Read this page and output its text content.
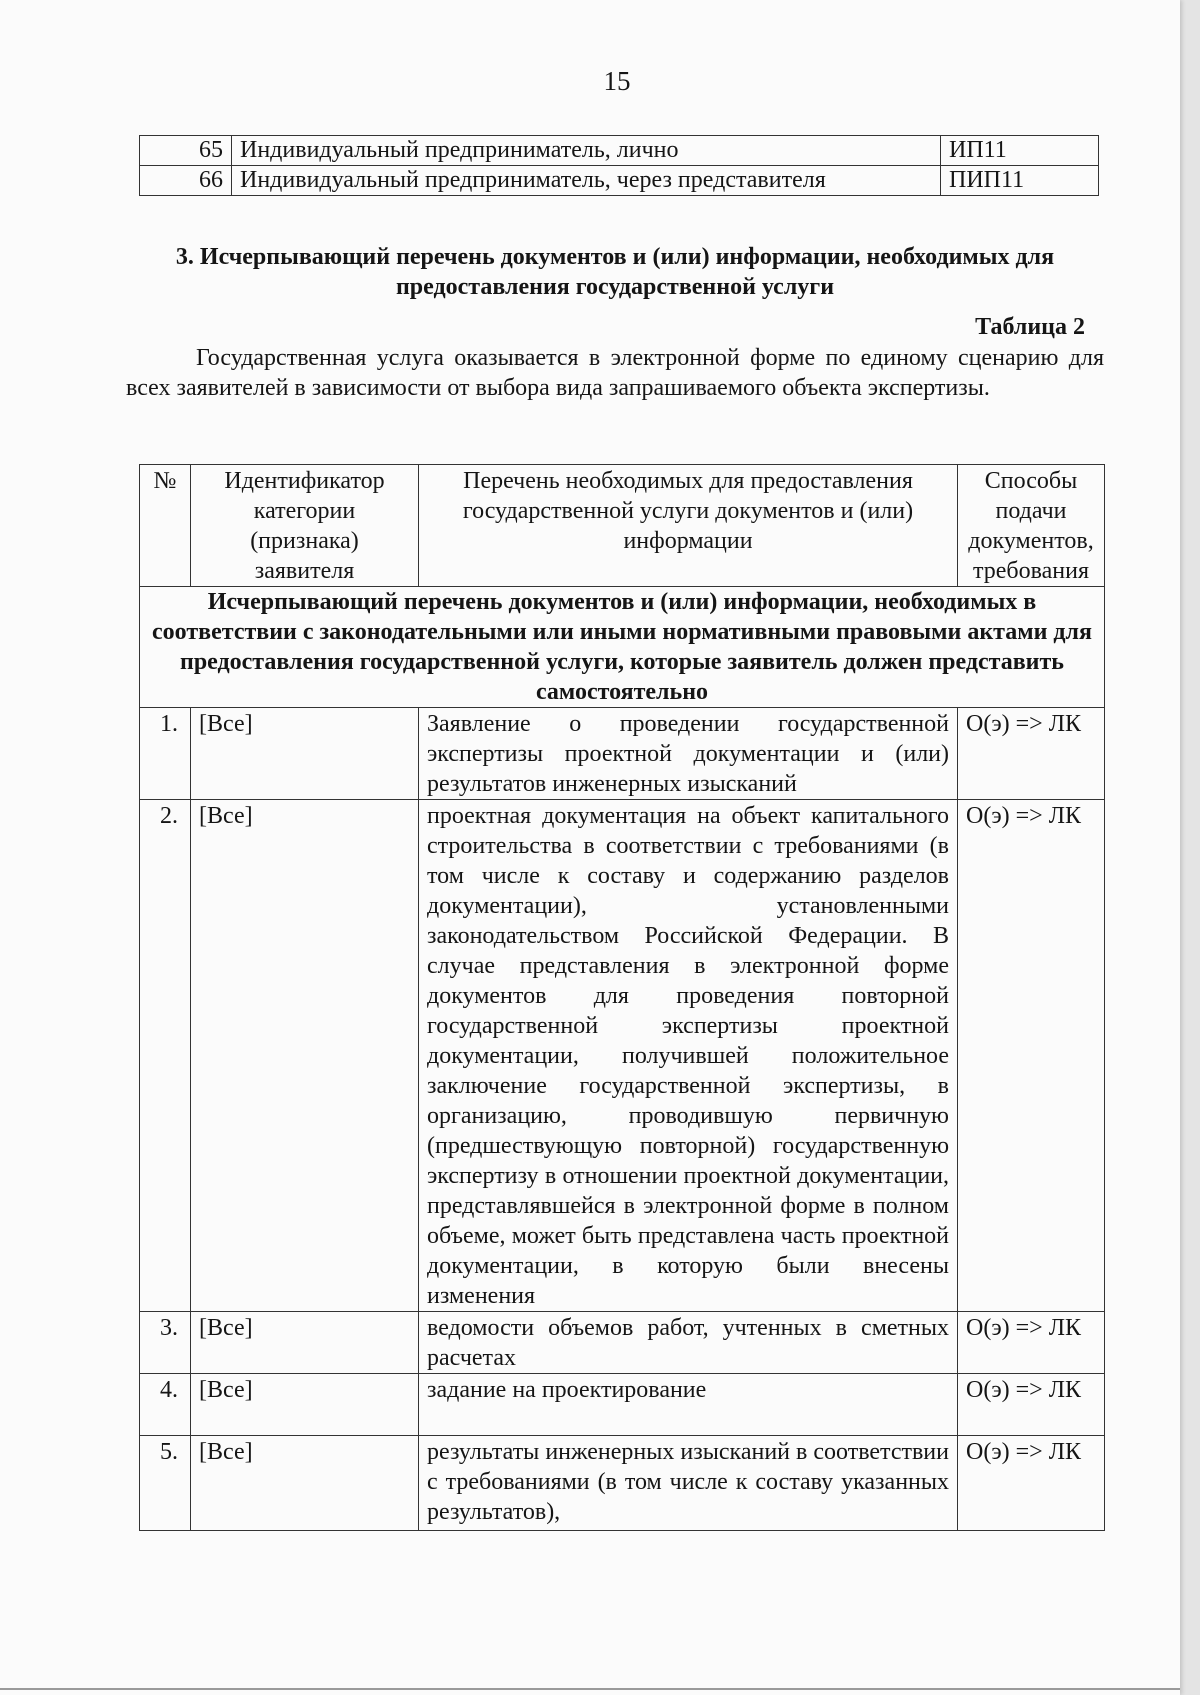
15
65	Индивидуальный предприниматель, лично	ИП11
66	Индивидуальный предприниматель, через представителя	ПИП11
3. Исчерпывающий перечень документов и (или) информации, необходимых для
предоставления государственной услуги
Таблица 2
Государственная услуга оказывается в электронной форме по единому сценарию для всех заявителей в зависимости от выбора вида запрашиваемого объекта экспертизы.
№	Идентификатор категории (признака) заявителя	Перечень необходимых для предоставления государственной услуги документов и (или) информации	Способы подачи документов, требования
Исчерпывающий перечень документов и (или) информации, необходимых в соответствии с законодательными или иными нормативными правовыми актами для предоставления государственной услуги, которые заявитель должен представить самостоятельно			
1.	[Все]	Заявление о проведении государственной экспертизы проектной документации и (или) результатов инженерных изысканий	О(э) => ЛК
2.	[Все]	проектная документация на объект капитального строительства в соответствии с требованиями (в том числе к составу и содержанию разделов документации), установленными законодательством Российской Федерации. В случае представления в электронной форме документов для проведения повторной государственной экспертизы проектной документации, получившей положительное заключение государственной экспертизы, в организацию, проводившую первичную (предшествующую повторной) государственную экспертизу в отношении проектной документации, представлявшейся в электронной форме в полном объеме, может быть представлена часть проектной документации, в которую были внесены изменения	О(э) => ЛК
3.	[Все]	ведомости объемов работ, учтенных в сметных расчетах	О(э) => ЛК
4.	[Все]	задание на проектирование	О(э) => ЛК
5.	[Все]	результаты инженерных изысканий в соответствии с требованиями (в том числе к составу указанных результатов),	О(э) => ЛК
